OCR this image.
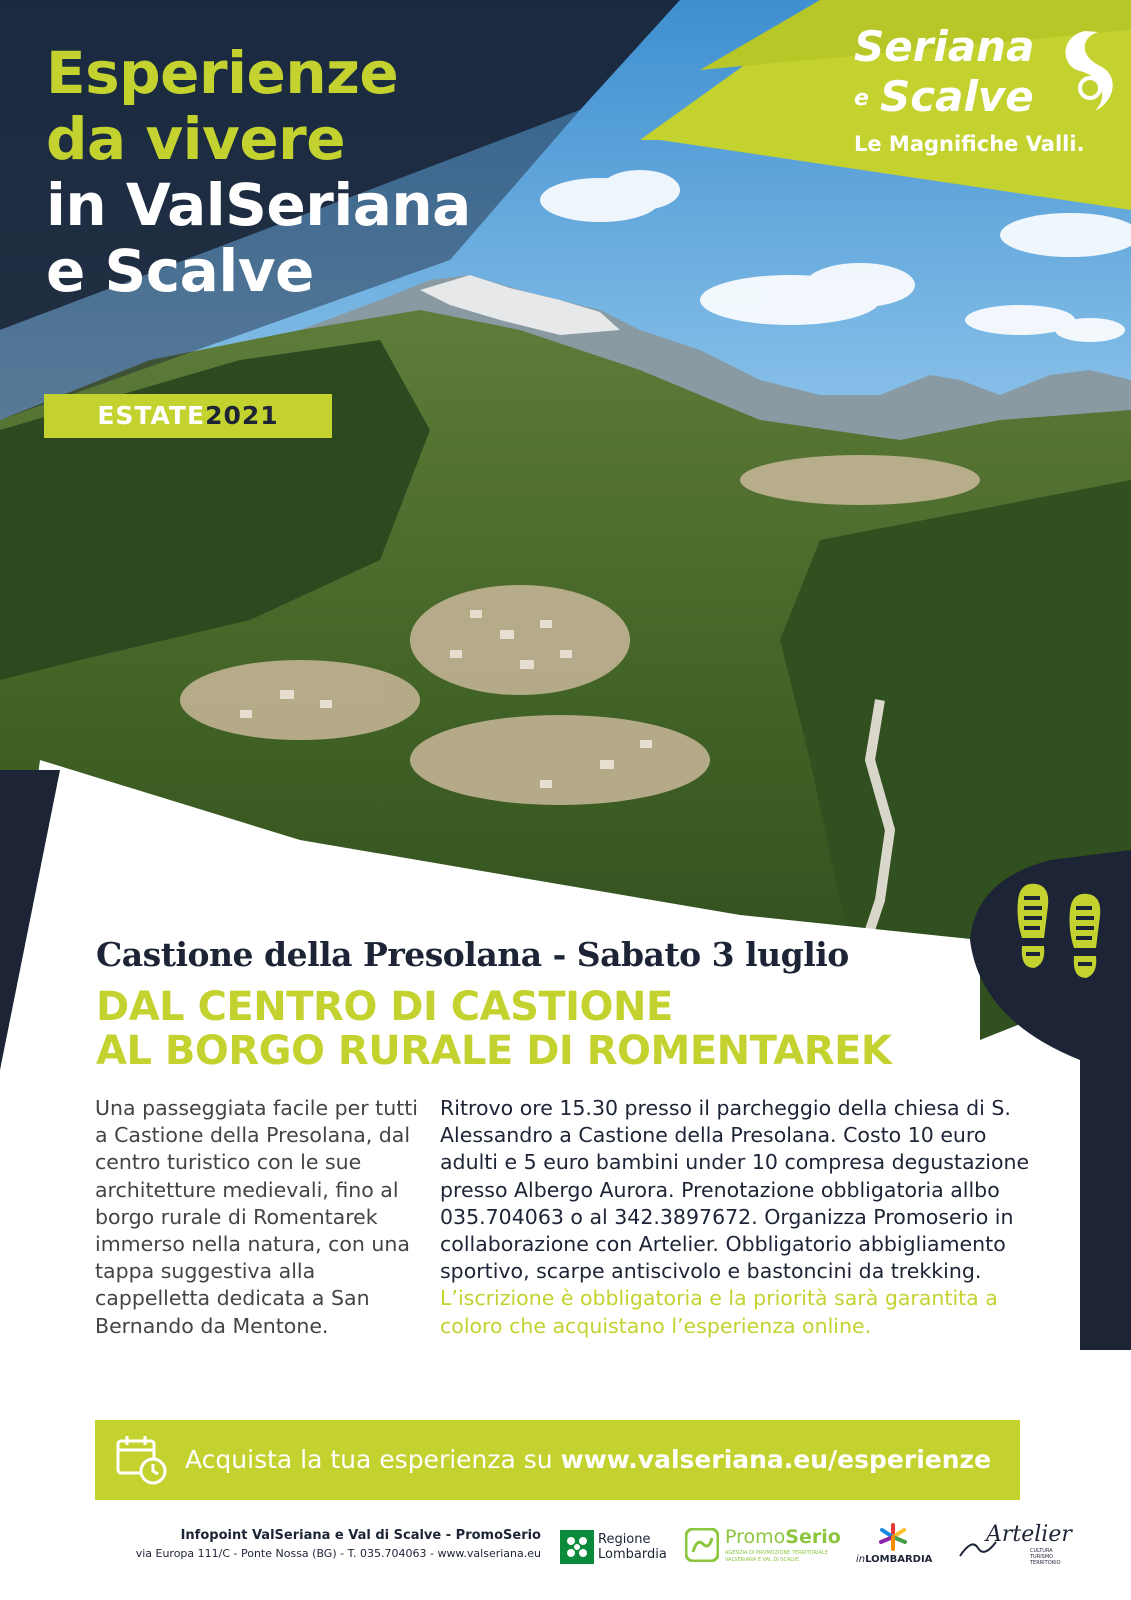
Esperienze
da vivere
in ValSeriana
e Scalve
ESTATE2021
Seriana
e Scalve
Le Magnifiche Valli.
Castione della Presolana - Sabato 3 luglio
DAL CENTRO DI CASTIONE
AL BORGO RURALE DI ROMENTAREK

Una passeggiata facile per tutti a Castione della Presolana, dal centro turistico con le sue architetture medievali, fino al borgo rurale di Romentarek immerso nella natura, con una tappa suggestiva alla cappelletta dedicata a San Bernando da Mentone.

Ritrovo ore 15.30 presso il parcheggio della chiesa di S. Alessandro a Castione della Presolana. Costo 10 euro adulti e 5 euro bambini under 10 compresa degustazione presso Albergo Aurora. Prenotazione obbligatoria allbo 035.704063 o al 342.3897672. Organizza Promoserio in collaborazione con Artelier. Obbligatorio abbigliamento sportivo, scarpe antiscivolo e bastoncini da trekking. L’iscrizione è obbligatoria e la priorità sarà garantita a coloro che acquistano l’esperienza online.

Acquista la tua esperienza su www.valseriana.eu/esperienze
Infopoint ValSeriana e Val di Scalve - PromoSerio
via Europa 111/C - Ponte Nossa (BG) - T. 035.704063 - www.valseriana.eu
Regione
Lombardia
PromoSerio
AGENZIA DI PROMOZIONE TERRITORIALE
VALSERIANA E VAL DI SCALVE	inLOMBARDIA
Artelier
CULTURA
TURISMO
TERRITORIO
